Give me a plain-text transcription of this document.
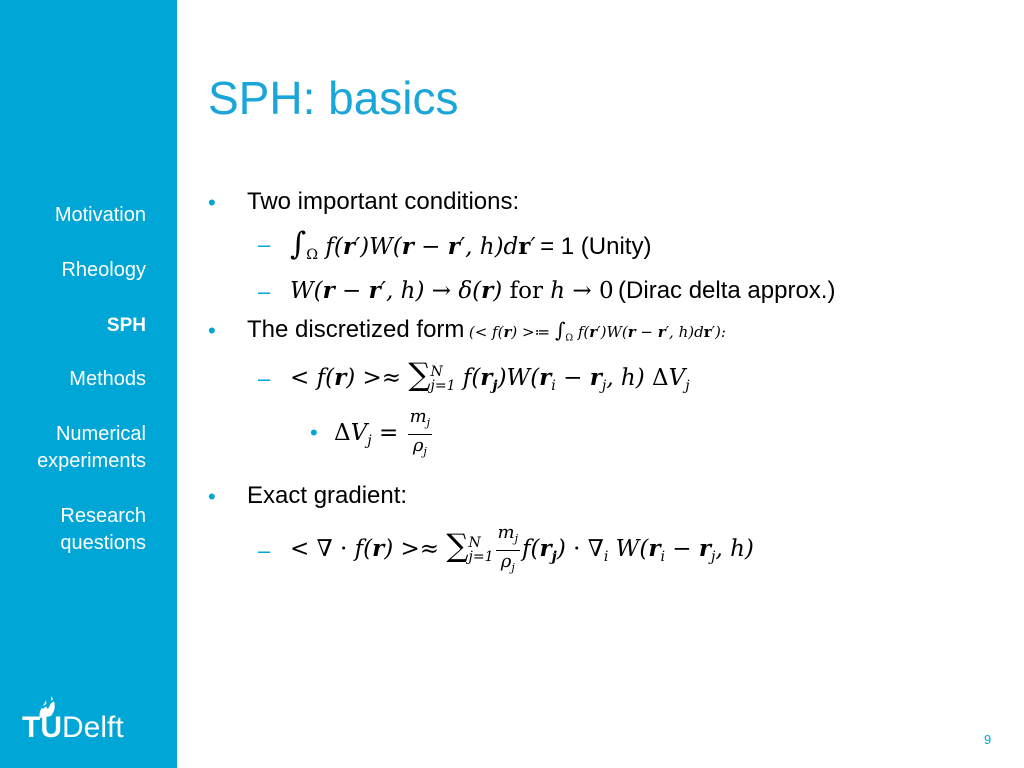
Motivation
Rheology
SPH
Methods
Numerical
experiments
Research
questions
TUDelft
SPH: basics
• Two important conditions:
– $\int_\Omega$ f(r′)W(r − r′, h)dr′ = 1 (Unity)
– W(r − r′, h) → δ(r) for h → 0 (Dirac delta approx.)
• The discretized form (< f(r) >≔ $\int_\Omega$ f(r′)W(r − r′, h)dr′):
– < f(r) >≈ ∑ N
j=1 $f(r_j)W(r_i - r_j$, h) $\Delta V_j$
• $\Delta V_j = \frac{m_j}{\rho_j}$
• Exact gradient:
– < ∇ · f(r) >≈ ∑ N
$j=1 \frac{m_j}{\rho_j} f(r_j) \cdot \nabla_i$ $W(r_i - r_j$, h)
9
